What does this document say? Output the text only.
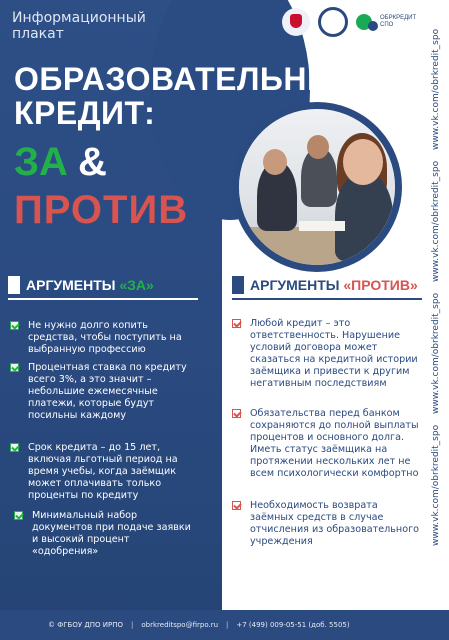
Информационный плакат
ОБРКРЕДИТ СПО
ОБРАЗОВАТЕЛЬНЫЙ
КРЕДИТ:
ЗА &
ПРОТИВ
www.vk.com/obrkredit_spo
www.vk.com/obrkredit_spo
www.vk.com/obrkredit_spo
www.vk.com/obrkredit_spo
АРГУМЕНТЫ «ЗА»	АРГУМЕНТЫ «ПРОТИВ»
Не нужно долго копить средства, чтобы поступить на выбранную профессию
Процентная ставка по кредиту всего 3%, а это значит – небольшие ежемесячные платежи, которые будут посильны каждому
Срок кредита – до 15 лет, включая льготный период на время учебы, когда заёмщик может оплачивать только проценты по кредиту
Минимальный набор документов при подаче заявки и высокий процент «одобрения»
Любой кредит – это ответственность. Нарушение условий договора может сказаться на кредитной истории заёмщика и привести к другим негативным последствиям
Обязательства перед банком сохраняются до полной выплаты процентов и основного долга. Иметь статус заёмщика на протяжении нескольких лет не всем психологически комфортно
Необходимость возврата заёмных средств в случае отчисления из образовательного учреждения
© ФГБОУ ДПО ИРПО | obrkreditspo@firpo.ru | +7 (499) 009-05-51 (доб. 5505)
